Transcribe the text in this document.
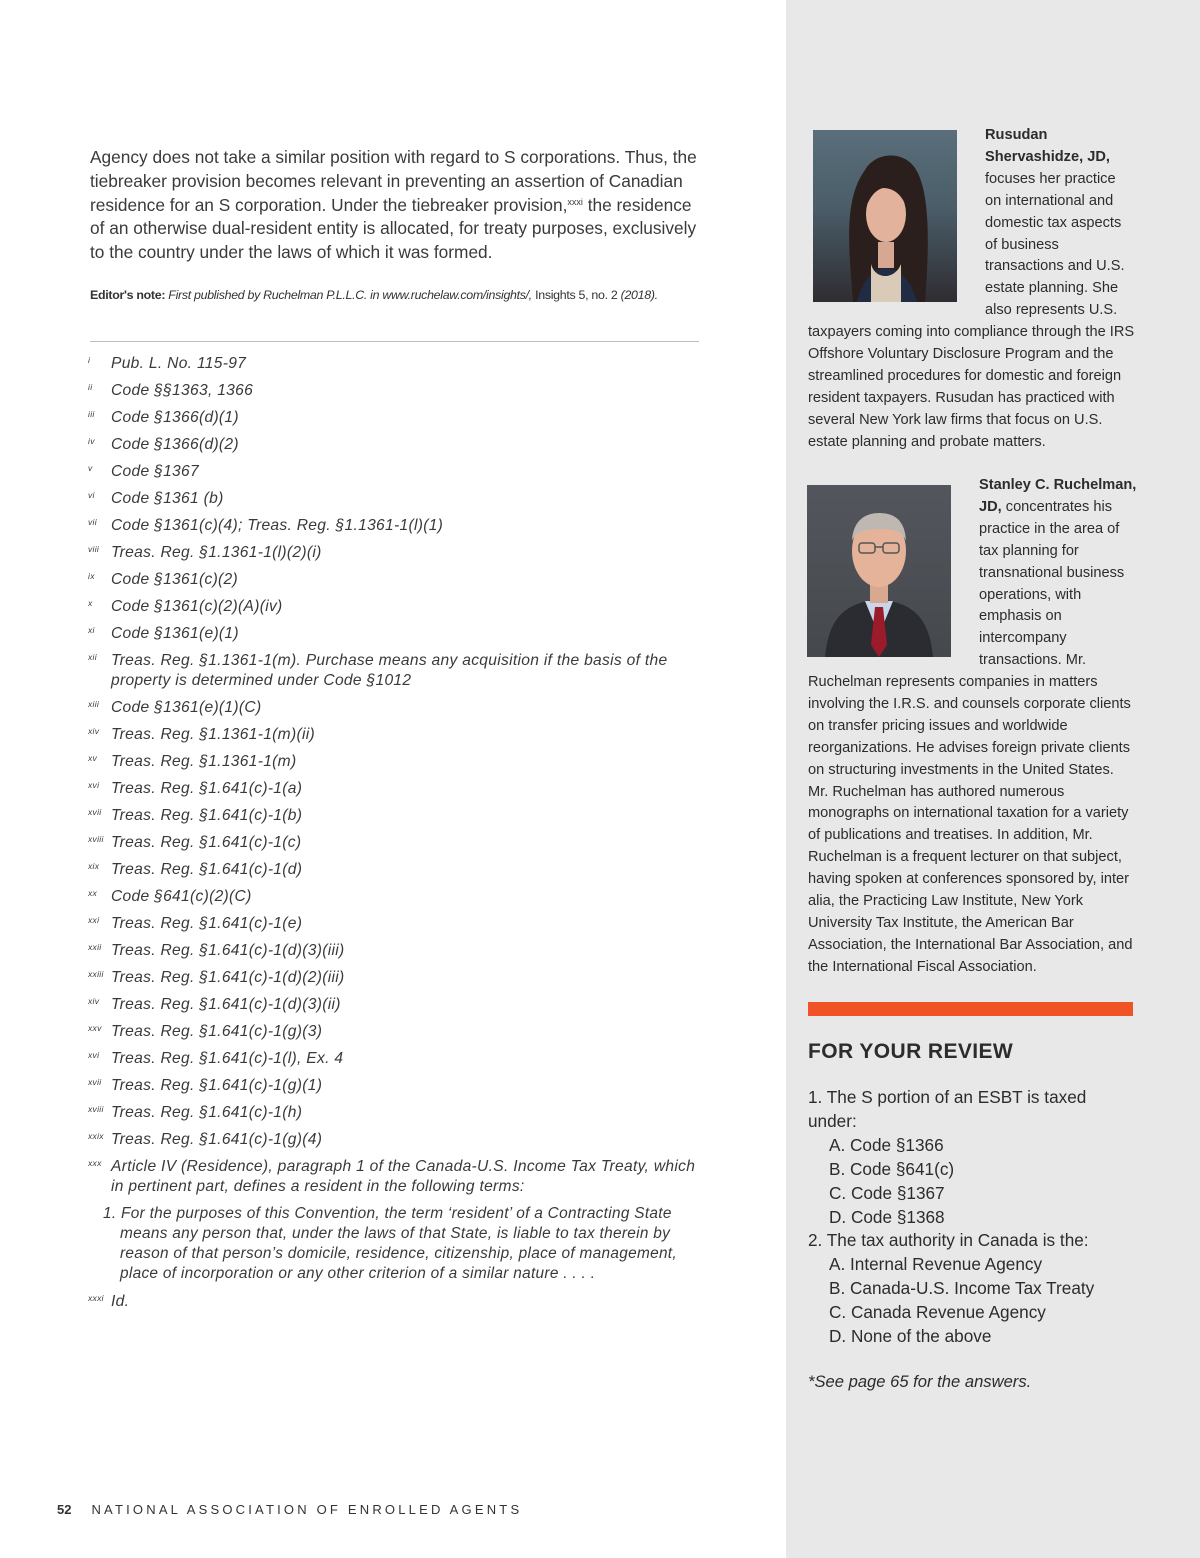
Agency does not take a similar position with regard to S corporations. Thus, the tiebreaker provision becomes relevant in preventing an assertion of Canadian residence for an S corporation. Under the tiebreaker provision,$^{xxxi}$ the residence of an otherwise dual-resident entity is allocated, for treaty purposes, exclusively to the country under the laws of which it was formed.

Editor's note: First published by Ruchelman P.L.L.C. in www.ruchelaw.com/insights/, Insights 5, no. 2 (2018).

i	Pub. L. No. 115-97
ii	Code §§1363, 1366
iii	Code §1366(d)(1)
iv	Code §1366(d)(2)
v	Code §1367
vi	Code §1361 (b)
vii Code §1361(c)(4); Treas. Reg. §1.1361-1(l)(1)
viii Treas. Reg. §1.1361-1(l)(2)(i)
ix	Code §1361(c)(2)
x	Code §1361(c)(2)(A)(iv)
xi	Code §1361(e)(1)
xii Treas. Reg. §1.1361-1(m). Purchase means any acquisition if the basis of the property is determined under Code §1012
xiii Code §1361(e)(1)(C)
xiv Treas. Reg. §1.1361-1(m)(ii)
xv Treas. Reg. §1.1361-1(m)
xvi Treas. Reg. §1.641(c)-1(a)
xvii Treas. Reg. §1.641(c)-1(b)
xviii Treas. Reg. §1.641(c)-1(c)
xix Treas. Reg. §1.641(c)-1(d)
xx Code §641(c)(2)(C)
xxi Treas. Reg. §1.641(c)-1(e)
xxii Treas. Reg. §1.641(c)-1(d)(3)(iii)
xxiii Treas. Reg. §1.641(c)-1(d)(2)(iii)
xiv Treas. Reg. §1.641(c)-1(d)(3)(ii)
xxv Treas. Reg. §1.641(c)-1(g)(3)
xvi Treas. Reg. §1.641(c)-1(l), Ex. 4
xvii Treas. Reg. §1.641(c)-1(g)(1)
xviii Treas. Reg. §1.641(c)-1(h)
xxix Treas. Reg. §1.641(c)-1(g)(4)
xxx Article IV (Residence), paragraph 1 of the Canada-U.S. Income Tax Treaty, which in pertinent part, defines a resident in the following terms:
1. For the purposes of this Convention, the term ‘resident’ of a Contracting State means any person that, under the laws of that State, is liable to tax therein by reason of that person’s domicile, residence, citizenship, place of management, place of incorporation or any other criterion of a similar nature . . . .
xxxi Id.
52 NATIONAL ASSOCIATION OF ENROLLED AGENTS
Rusudan Shervashidze, JD, focuses her practice on international and domestic tax aspects of business transactions and U.S. estate planning. She also represents U.S.
taxpayers coming into compliance through the IRS Offshore Voluntary Disclosure Program and the streamlined procedures for domestic and foreign resident taxpayers. Rusudan has practiced with several New York law firms that focus on U.S. estate planning and probate matters.
Stanley C. Ruchelman, JD, concentrates his practice in the area of tax planning for transnational business operations, with emphasis on intercompany transactions. Mr.
Ruchelman represents companies in matters involving the I.R.S. and counsels corporate clients on transfer pricing issues and worldwide reorganizations. He advises foreign private clients on structuring investments in the United States. Mr. Ruchelman has authored numerous monographs on international taxation for a variety of publications and treatises. In addition, Mr. Ruchelman is a frequent lecturer on that subject, having spoken at conferences sponsored by, inter alia, the Practicing Law Institute, New York University Tax Institute, the American Bar Association, the International Bar Association, and the International Fiscal Association.
FOR YOUR REVIEW
1. The S portion of an ESBT is taxed under:
A. Code §1366
B. Code §641(c)
C. Code §1367
D. Code §1368
2. The tax authority in Canada is the:
A. Internal Revenue Agency
B. Canada-U.S. Income Tax Treaty
C. Canada Revenue Agency
D. None of the above
*See page 65 for the answers.
